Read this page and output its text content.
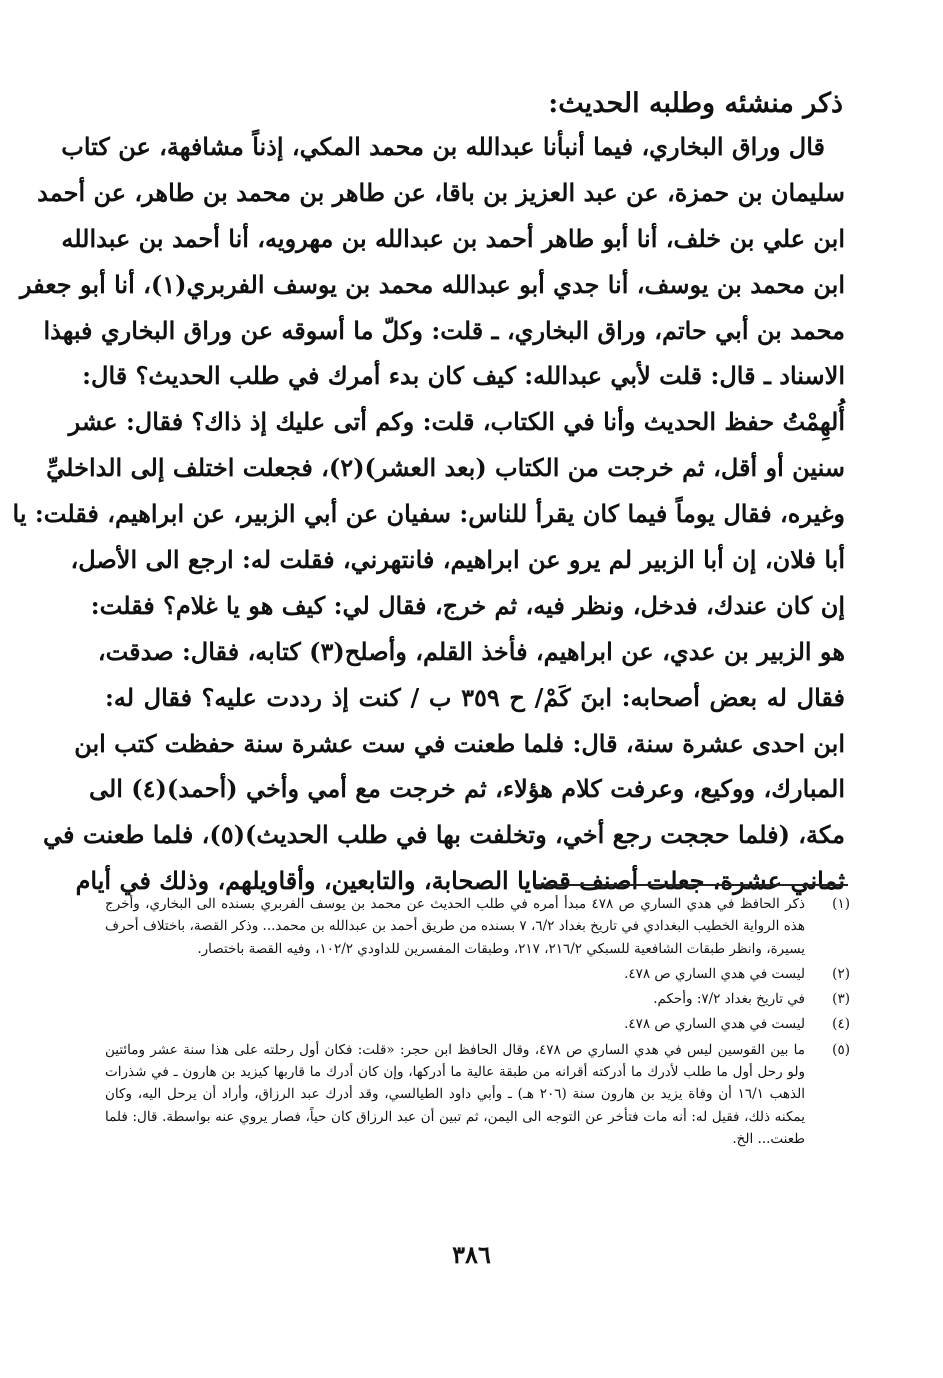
ذكر منشئه وطلبه الحديث:
قال وراق البخاري، فيما أنبأنا عبدالله بن محمد المكي، إذناً مشافهة، عن كتاب
سليمان بن حمزة، عن عبد العزيز بن باقا، عن طاهر بن محمد بن طاهر، عن أحمد
ابن علي بن خلف، أنا أبو طاهر أحمد بن عبدالله بن مهرويه، أنا أحمد بن عبدالله
ابن محمد بن يوسف، أنا جدي أبو عبدالله محمد بن يوسف الفربري(١)، أنا أبو جعفر
محمد بن أبي حاتم، وراق البخاري، ـ قلت: وكلّ ما أسوقه عن وراق البخاري فبهذا
الاسناد ـ قال: قلت لأبي عبدالله: كيف كان بدء أمرك في طلب الحديث؟ قال:
أُلهِمْتُ حفظ الحديث وأنا في الكتاب، قلت: وكم أتى عليك إذ ذاك؟ فقال: عشر
سنين أو أقل، ثم خرجت من الكتاب (بعد العشر)(٢)، فجعلت اختلف إلى الداخليِّ
وغيره، فقال يوماً فيما كان يقرأ للناس: سفيان عن أبي الزبير، عن ابراهيم، فقلت: يا
أبا فلان، إن أبا الزبير لم يرو عن ابراهيم، فانتهرني، فقلت له: ارجع الى الأصل،
إن كان عندك، فدخل، ونظر فيه، ثم خرج، فقال لي: كيف هو يا غلام؟ فقلت:
هو الزبير بن عدي، عن ابراهيم، فأخذ القلم، وأصلح(٣) كتابه، فقال: صدقت،
فقال له بعض أصحابه: ابنَ كَمْ/ ح ٣٥٩ ب / كنت إذ رددت عليه؟ فقال له:
ابن احدى عشرة سنة، قال: فلما طعنت في ست عشرة سنة حفظت كتب ابن
المبارك، ووكيع، وعرفت كلام هؤلاء، ثم خرجت مع أمي وأخي (أحمد)(٤) الى
مكة، (فلما حججت رجع أخي، وتخلفت بها في طلب الحديث)(٥)، فلما طعنت في
ثماني عشرة، جعلت أصنف قضايا الصحابة، والتابعين، وأقاويلهم، وذلك في أيام
(١)
ذكر الحافظ في هدي الساري ص ٤٧٨ مبدأ أمره في طلب الحديث عن محمد بن يوسف الفربري بسنده الى البخاري، وأخرج هذه الرواية الخطيب البغدادي في تاريخ بغداد ٦/٢، ٧ بسنده من طريق أحمد بن عبدالله بن محمد... وذكر القصة، باختلاف أحرف يسيرة، وانظر طبقات الشافعية للسبكي ٢١٦/٢، ٢١٧، وطبقات المفسرين للداودي ١٠٢/٢، وفيه القصة باختصار.
(٢)
ليست في هدي الساري ص ٤٧٨.
(٣)
في تاريخ بغداد ٧/٢: وأحكم.
(٤)
ليست في هدي الساري ص ٤٧٨.
(٥)
ما بين القوسين ليس في هدي الساري ص ٤٧٨، وقال الحافظ ابن حجر: «قلت: فكان أول رحلته على هذا سنة عشر ومائتين ولو رحل أول ما طلب لأدرك ما أدركته أقرانه من طبقة عالية ما أدركها، وإن كان أدرك ما قاربها كيزيد بن هارون ـ في شذرات الذهب ١٦/١ أن وفاة يزيد بن هارون سنة (٢٠٦ هـ) ـ وأبي داود الطيالسي، وقد أدرك عبد الرزاق، وأراد أن يرحل اليه، وكان يمكنه ذلك، فقيل له: أنه مات فتأخر عن التوجه الى اليمن، ثم تبين أن عبد الرزاق كان حياً، فصار يروي عنه بواسطة. قال: فلما طعنت... الخ.
٣٨٦
